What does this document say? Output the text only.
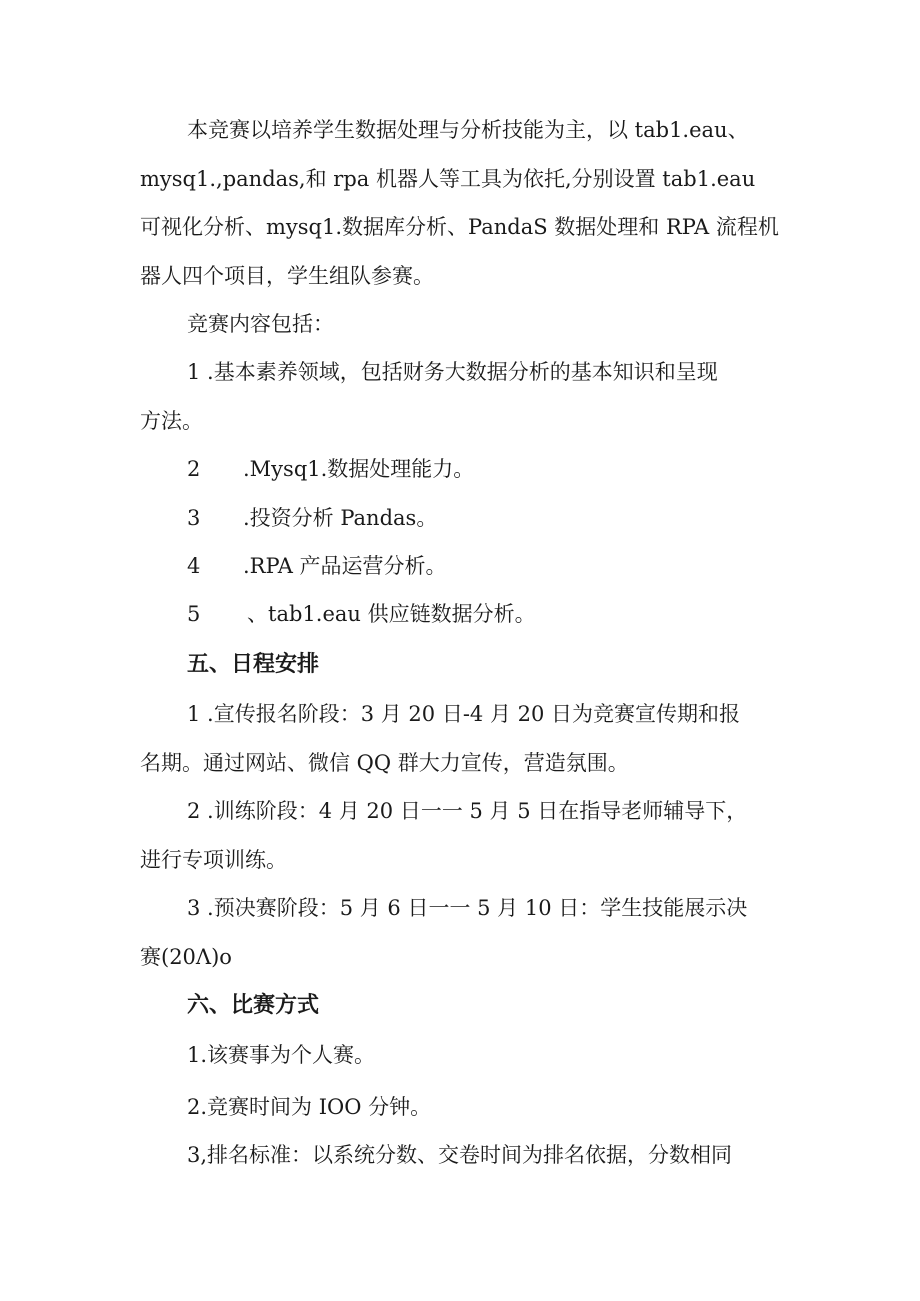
本竞赛以培养学生数据处理与分析技能为主，以 tab1.eau、
mysq1.,pandas,和 rpa 机器人等工具为依托,分别设置 tab1.eau
可视化分析、mysq1.数据库分析、PandaS 数据处理和 RPA 流程机
器人四个项目，学生组队参赛。
竞赛内容包括：
1 .基本素养领域，包括财务大数据分析的基本知识和呈现
方法。
2 .Mysq1.数据处理能力。
3 .投资分析 Pandas。
4 .RPA 产品运营分析。
5 、tab1.eau 供应链数据分析。
五、日程安排
1 .宣传报名阶段：3 月 20 日-4 月 20 日为竞赛宣传期和报
名期。通过网站、微信 QQ 群大力宣传，营造氛围。
2 .训练阶段：4 月 20 日一一 5 月 5 日在指导老师辅导下，
进行专项训练。
3 .预决赛阶段：5 月 6 日一一 5 月 10 日：学生技能展示决
赛(20Λ)o
六、比赛方式
1.该赛事为个人赛。
2.竞赛时间为 IOO 分钟。
3,排名标准：以系统分数、交卷时间为排名依据，分数相同
